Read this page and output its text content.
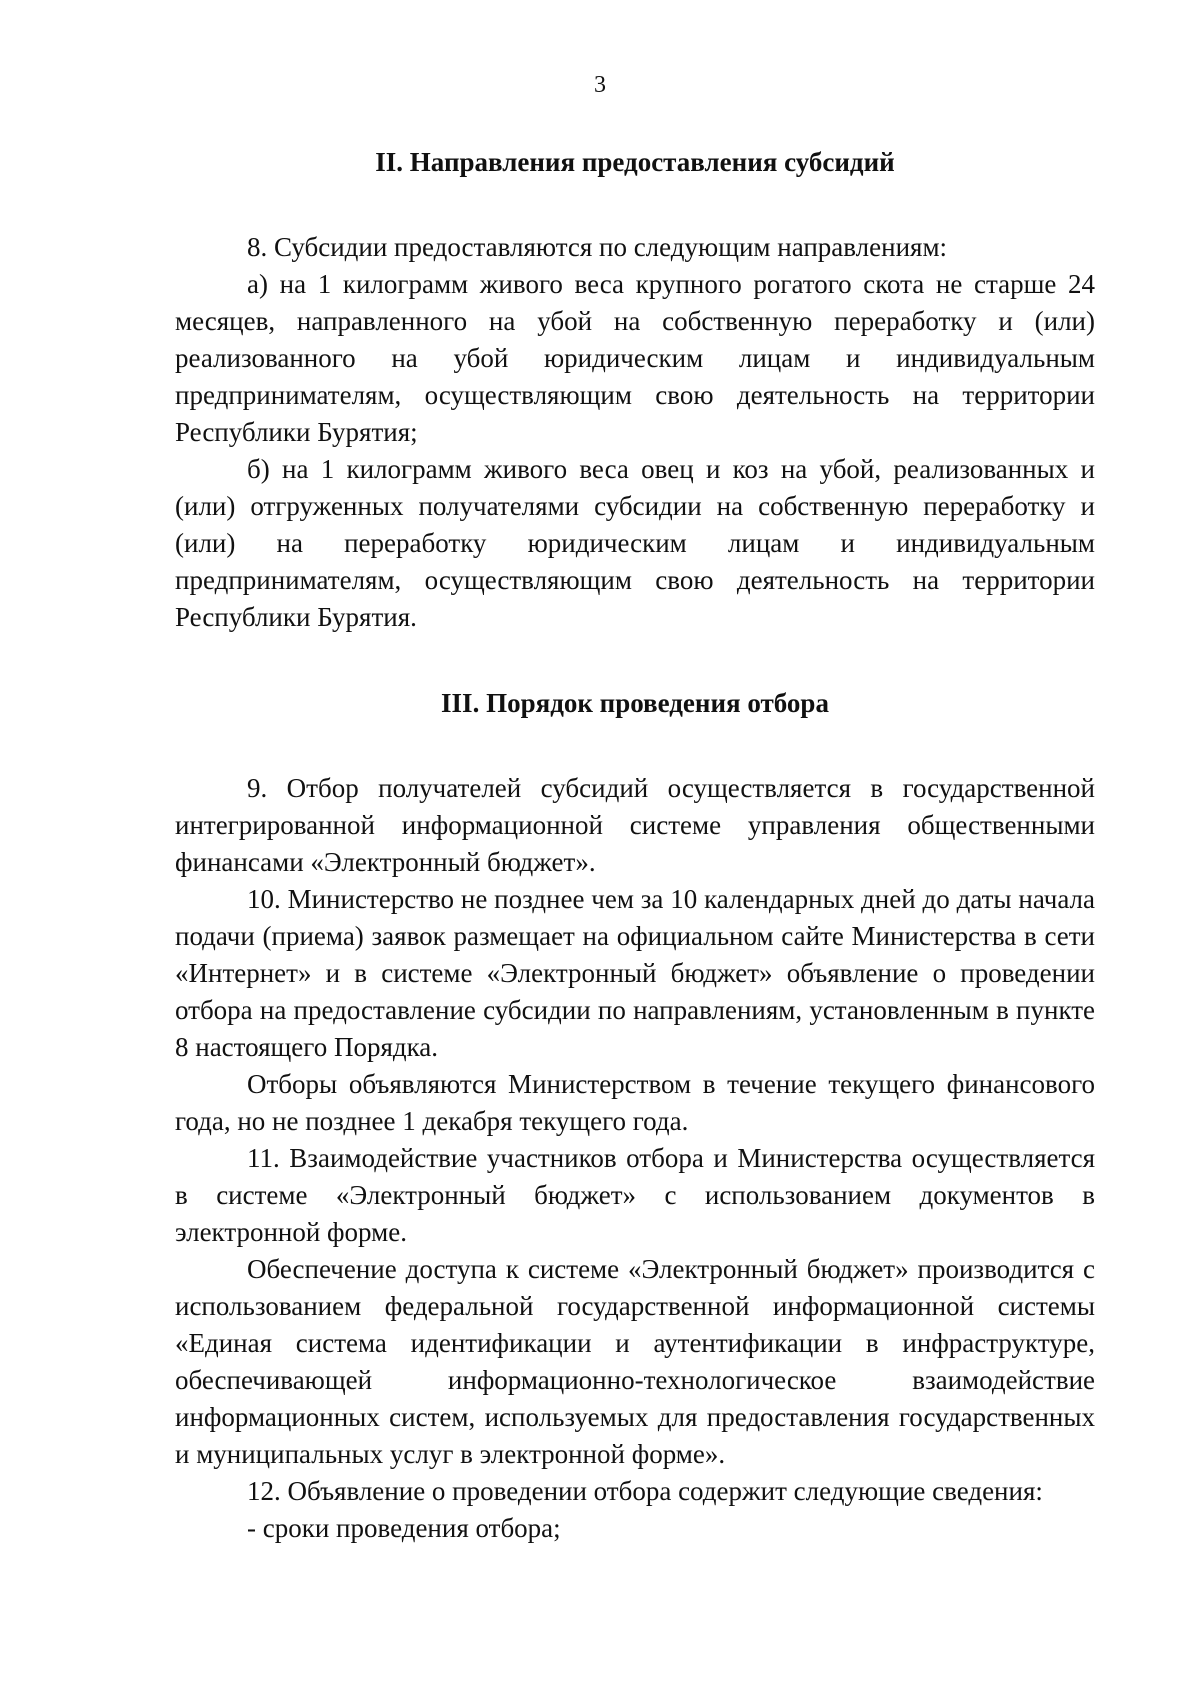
3
II. Направления предоставления субсидий

8. Субсидии предоставляются по следующим направлениям:

а) на 1 килограмм живого веса крупного рогатого скота не старше 24 месяцев, направленного на убой на собственную переработку и (или) реализованного на убой юридическим лицам и индивидуальным предпринимателям, осуществляющим свою деятельность на территории Республики Бурятия;

б) на 1 килограмм живого веса овец и коз на убой, реализованных и (или) отгруженных получателями субсидии на собственную переработку и (или) на переработку юридическим лицам и индивидуальным предпринимателям, осуществляющим свою деятельность на территории Республики Бурятия.

III. Порядок проведения отбора

9. Отбор получателей субсидий осуществляется в государственной интегрированной информационной системе управления общественными финансами «Электронный бюджет».

10. Министерство не позднее чем за 10 календарных дней до даты начала подачи (приема) заявок размещает на официальном сайте Министерства в сети «Интернет» и в системе «Электронный бюджет» объявление о проведении отбора на предоставление субсидии по направлениям, установленным в пункте 8 настоящего Порядка.

Отборы объявляются Министерством в течение текущего финансового года, но не позднее 1 декабря текущего года.

11. Взаимодействие участников отбора и Министерства осуществляется в системе «Электронный бюджет» с использованием документов в электронной форме.

Обеспечение доступа к системе «Электронный бюджет» производится с использованием федеральной государственной информационной системы «Единая система идентификации и аутентификации в инфраструктуре, обеспечивающей информационно-технологическое взаимодействие информационных систем, используемых для предоставления государственных и муниципальных услуг в электронной форме».

12. Объявление о проведении отбора содержит следующие сведения:

- сроки проведения отбора;
